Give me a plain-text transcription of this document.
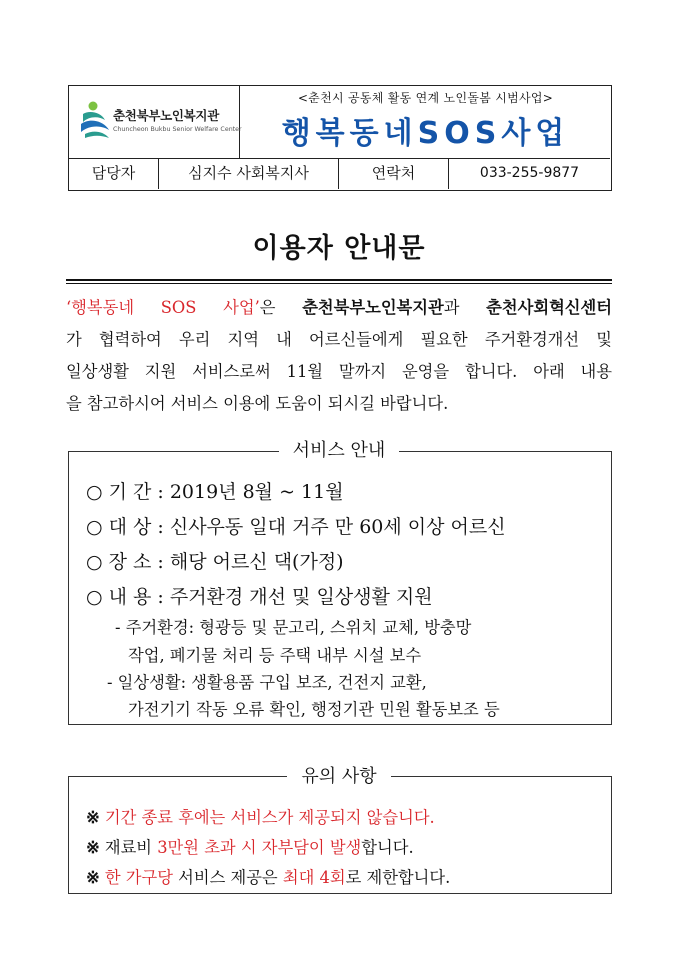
춘천북부노인복지관
Chuncheon Bukbu Senior Welfare Center
<춘천시 공동체 활동 연계 노인돌봄 시범사업>
행복동네SOS사업
담당자	심지수 사회복지사	연락처	033-255-9877
이용자 안내문
‘행복동네 SOS 사업’은 춘천북부노인복지관과 춘천사회혁신센터
가 협력하여 우리 지역 내 어르신들에게 필요한 주거환경개선 및
일상생활 지원 서비스로써 11월 말까지 운영을 합니다. 아래 내용
을 참고하시어 서비스 이용에 도움이 되시길 바랍니다.
서비스 안내
○ 기 간 : 2019년 8월 ~ 11월
○ 대 상 : 신사우동 일대 거주 만 60세 이상 어르신
○ 장 소 : 해당 어르신 댁(가정)
○ 내 용 : 주거환경 개선 및 일상생활 지원
- 주거환경: 형광등 및 문고리, 스위치 교체, 방충망
작업, 폐기물 처리 등 주택 내부 시설 보수
- 일상생활: 생활용품 구입 보조, 건전지 교환,
가전기기 작동 오류 확인, 행정기관 민원 활동보조 등
유의 사항
※ 기간 종료 후에는 서비스가 제공되지 않습니다.
※ 재료비 3만원 초과 시 자부담이 발생합니다.
※ 한 가구당 서비스 제공은 최대 4회로 제한합니다.
